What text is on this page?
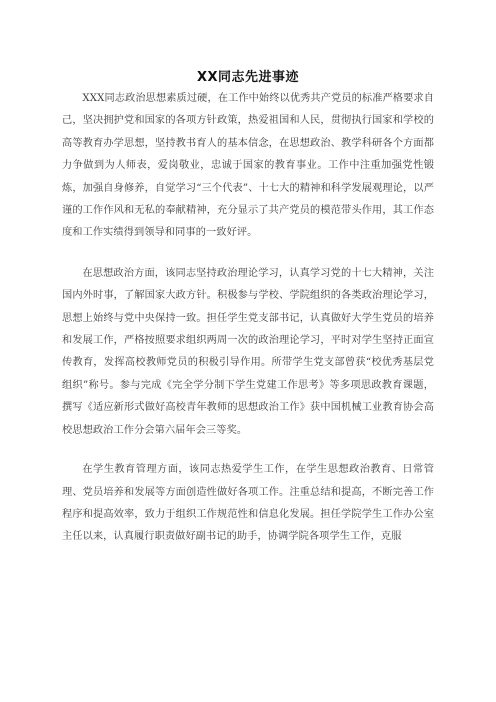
XX同志先进事迹

XXX同志政治思想素质过硬，在工作中始终以优秀共产党员的标准严格要求自己，坚决拥护党和国家的各项方针政策，热爱祖国和人民，贯彻执行国家和学校的高等教育办学思想，坚持教书育人的基本信念，在思想政治、教学科研各个方面都力争做到为人师表，爱岗敬业，忠诚于国家的教育事业。工作中注重加强党性锻炼，加强自身修养，自觉学习“三个代表”、十七大的精神和科学发展观理论，以严谨的工作作风和无私的奉献精神，充分显示了共产党员的模范带头作用，其工作态度和工作实绩得到领导和同事的一致好评。

在思想政治方面，该同志坚持政治理论学习，认真学习党的十七大精神，关注国内外时事，了解国家大政方针。积极参与学校、学院组织的各类政治理论学习，思想上始终与党中央保持一致。担任学生党支部书记，认真做好大学生党员的培养和发展工作，严格按照要求组织两周一次的政治理论学习，平时对学生坚持正面宣传教育，发挥高校教师党员的积极引导作用。所带学生党支部曾获“校优秀基层党组织”称号。参与完成《完全学分制下学生党建工作思考》等多项思政教育课题，撰写《适应新形式做好高校青年教师的思想政治工作》获中国机械工业教育协会高校思想政治工作分会第六届年会三等奖。

在学生教育管理方面，该同志热爱学生工作，在学生思想政治教育、日常管理、党员培养和发展等方面创造性做好各项工作。注重总结和提高，不断完善工作程序和提高效率，致力于组织工作规范性和信息化发展。担任学院学生工作办公室主任以来，认真履行职责做好副书记的助手，协调学院各项学生工作，克服
